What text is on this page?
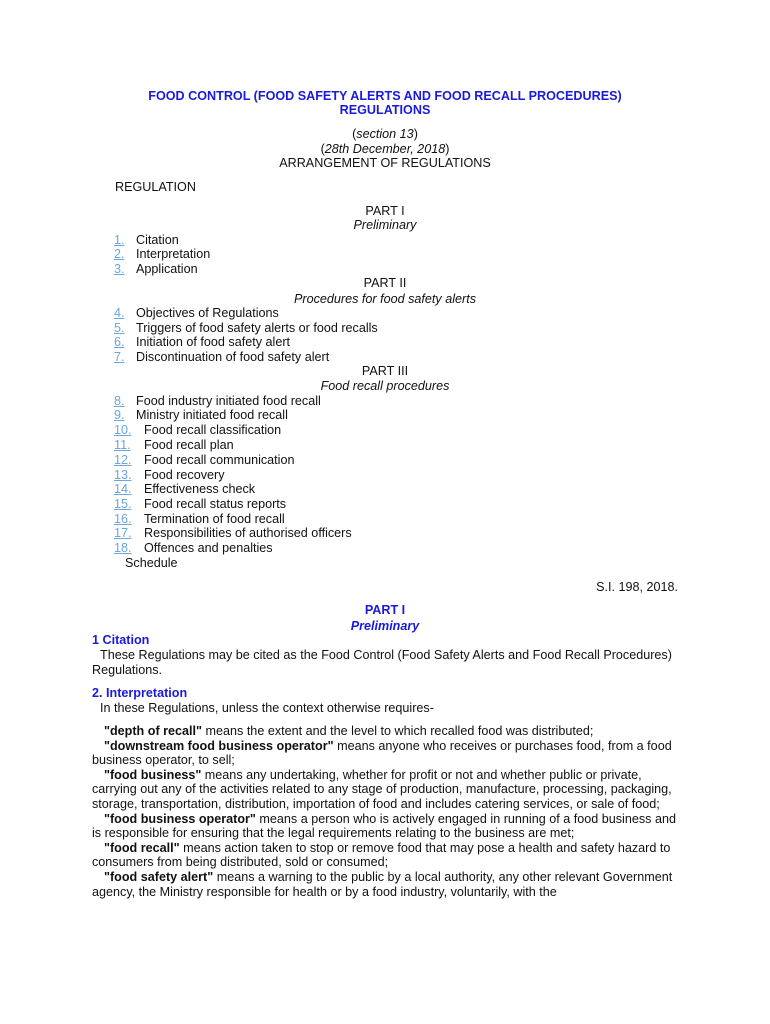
FOOD CONTROL (FOOD SAFETY ALERTS AND FOOD RECALL PROCEDURES)
REGULATIONS
(section 13)
(28th December, 2018)
ARRANGEMENT OF REGULATIONS
REGULATION
PART I
Preliminary
1. Citation
2. Interpretation
3. Application
PART II
Procedures for food safety alerts
4. Objectives of Regulations
5. Triggers of food safety alerts or food recalls
6. Initiation of food safety alert
7. Discontinuation of food safety alert
PART III
Food recall procedures
8. Food industry initiated food recall
9. Ministry initiated food recall
10. Food recall classification
11. Food recall plan
12. Food recall communication
13. Food recovery
14. Effectiveness check
15. Food recall status reports
16. Termination of food recall
17. Responsibilities of authorised officers
18. Offences and penalties
Schedule
S.I. 198, 2018.
PART I
Preliminary
1 Citation
These Regulations may be cited as the Food Control (Food Safety Alerts and Food Recall Procedures) Regulations.
2. Interpretation
In these Regulations, unless the context otherwise requires-
"depth of recall" means the extent and the level to which recalled food was distributed;
"downstream food business operator" means anyone who receives or purchases food, from a food business operator, to sell;
"food business" means any undertaking, whether for profit or not and whether public or private, carrying out any of the activities related to any stage of production, manufacture, processing, packaging, storage, transportation, distribution, importation of food and includes catering services, or sale of food;
"food business operator" means a person who is actively engaged in running of a food business and is responsible for ensuring that the legal requirements relating to the business are met;
"food recall" means action taken to stop or remove food that may pose a health and safety hazard to consumers from being distributed, sold or consumed;
"food safety alert" means a warning to the public by a local authority, any other relevant Government agency, the Ministry responsible for health or by a food industry, voluntarily, with the
